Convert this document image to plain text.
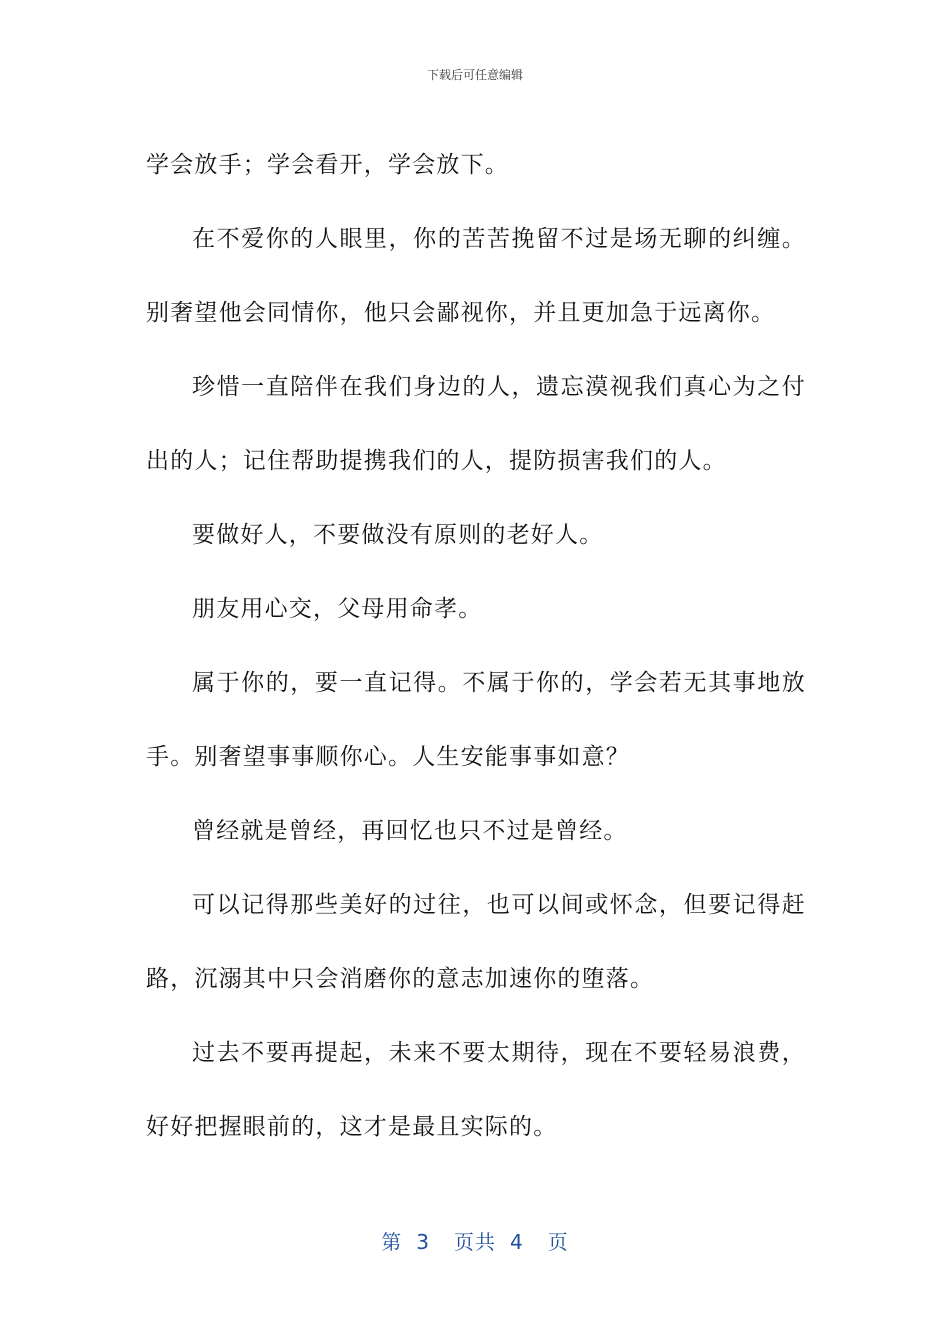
下载后可任意编辑

学会放手；学会看开，学会放下。

在不爱你的人眼里，你的苦苦挽留不过是场无聊的纠缠。别奢望他会同情你，他只会鄙视你，并且更加急于远离你。

珍惜一直陪伴在我们身边的人，遗忘漠视我们真心为之付出的人；记住帮助提携我们的人，提防损害我们的人。

要做好人，不要做没有原则的老好人。

朋友用心交，父母用命孝。

属于你的，要一直记得。不属于你的，学会若无其事地放手。别奢望事事顺你心。人生安能事事如意？

曾经就是曾经，再回忆也只不过是曾经。

可以记得那些美好的过往，也可以间或怀念，但要记得赶路，沉溺其中只会消磨你的意志加速你的堕落。

过去不要再提起，未来不要太期待，现在不要轻易浪费，好好把握眼前的，这才是最且实际的。

第 3 页共 4 页
